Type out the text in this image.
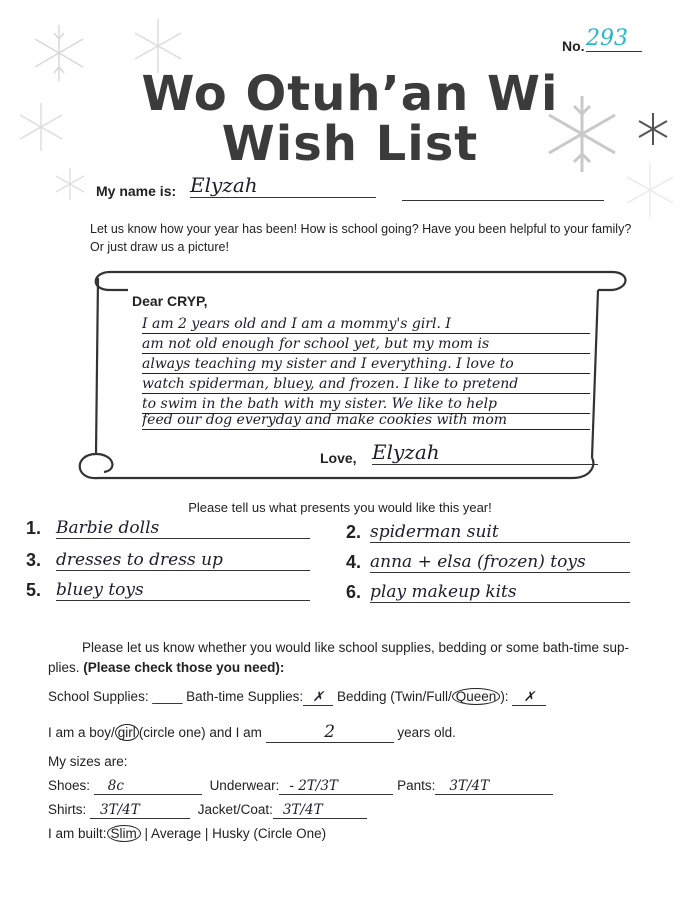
No. 293
Wo Otuh’an Wi
Wish List
My name is: Elyzah
Let us know how your year has been! How is school going? Have you been helpful to your family? Or just draw us a picture!
Dear CRYP,
I am 2 years old and I am a mommy's girl. I
am not old enough for school yet, but my mom is
always teaching my sister and I everything. I love to
watch spiderman, bluey, and frozen. I like to pretend
to swim in the bath with my sister. We like to help
feed our dog everyday and make cookies with mom
Love, Elyzah
Please tell us what presents you would like this year!
1. Barbie dolls	2. spiderman suit
3. dresses to dress up	4. anna + elsa (frozen) toys
5. bluey toys	6. play makeup kits
Please let us know whether you would like school supplies, bedding or some bath-time sup-
plies. (Please check those you need):
School Supplies: ____ Bath-time Supplies: ✗ Bedding (Twin/Full/ Queen ): ✗
I am a boy/ girl (circle one) and I am	2	years old.
My sizes are:
Shoes: 8c	Underwear: - 2T/3T	Pants: 3T/4T
Shirts: 3T/4T	Jacket/Coat: 3T/4T
I am built: Slim | Average | Husky (Circle One)
